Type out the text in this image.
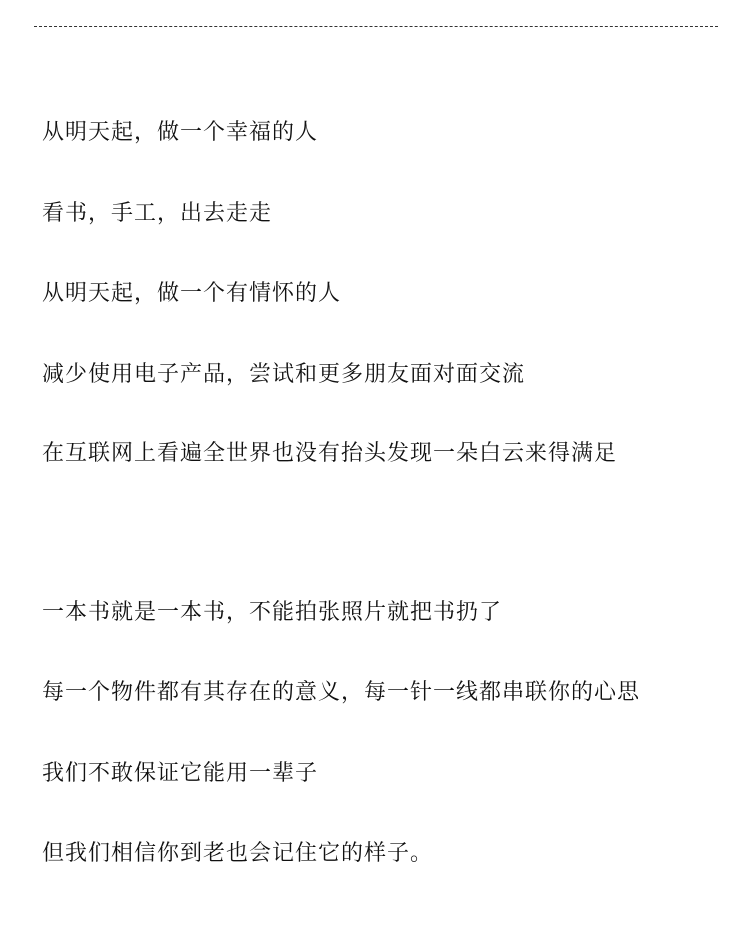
从明天起，做一个幸福的人
看书，手工，出去走走
从明天起，做一个有情怀的人
减少使用电子产品，尝试和更多朋友面对面交流
在互联网上看遍全世界也没有抬头发现一朵白云来得满足
一本书就是一本书，不能拍张照片就把书扔了
每一个物件都有其存在的意义，每一针一线都串联你的心思
我们不敢保证它能用一辈子
但我们相信你到老也会记住它的样子。
